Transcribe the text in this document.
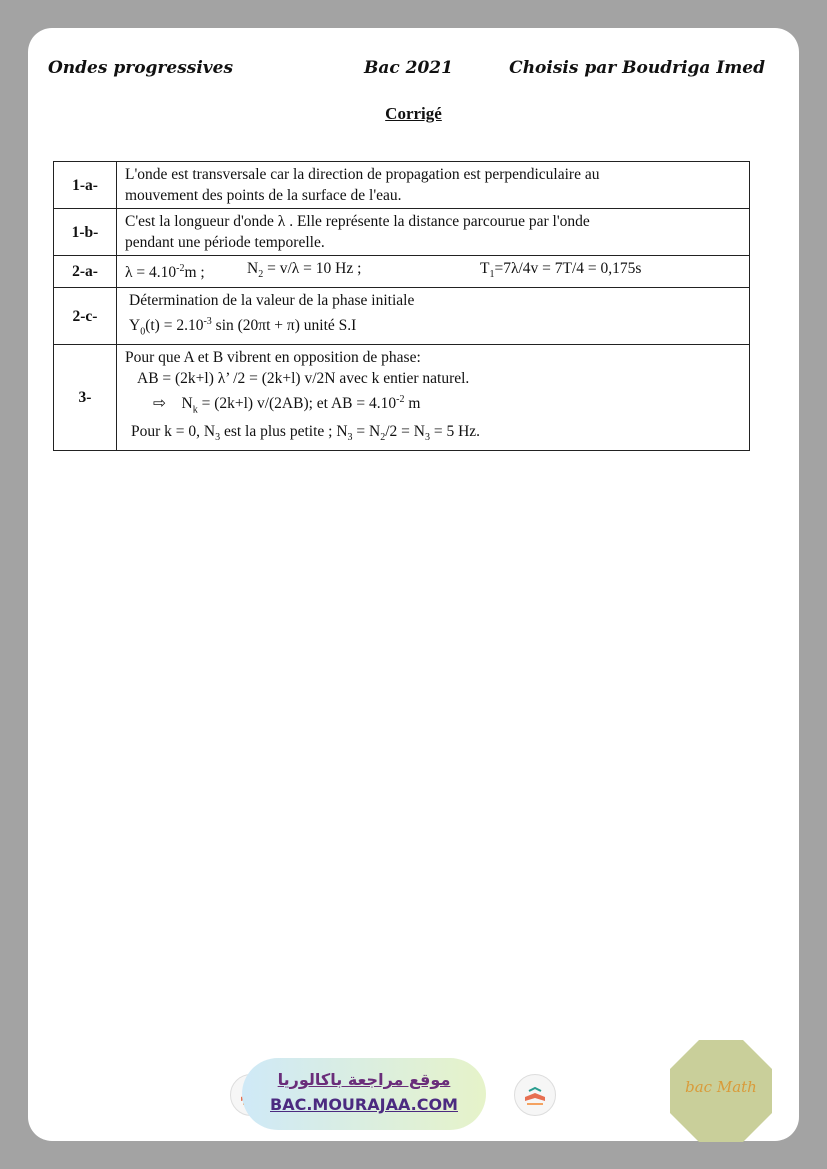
Ondes progressives	Bac 2021	Choisis par Boudriga Imed
Corrigé
1-a-	L'onde est transversale car la direction de propagation est perpendiculaire au
mouvement des points de la surface de l'eau.

1-b-	C'est la longueur d'onde λ . Elle représente la distance parcourue par l'onde
pendant une période temporelle.

2-a-	$\lambda = 4.10^{-2}m$ ; $N_2 = v/\lambda = 10$ Hz ; $T_1=7\lambda/4v = 7T/4 = 0,175s$

2-c-	Détermination de la valeur de la phase initiale
$Y_0(t) = 2.10^{-3}$ sin (20πt + π) unité S.I

3-	Pour que A et B vibrent en opposition de phase:
AB = (2k+l) λ’ /2 = (2k+l) v/2N avec k entier naturel.
⇨ $N_k = (2k+l)$ v/(2AB); et AB = $4.10^{-2}$ m
Pour k = 0, $N_3$ est la plus petite ; $N_3 = N_2/2 = N_3 = 5$ Hz.
موقع مراجعة باكالوريا
BAC.MOURAJAA.COM
bac Math
